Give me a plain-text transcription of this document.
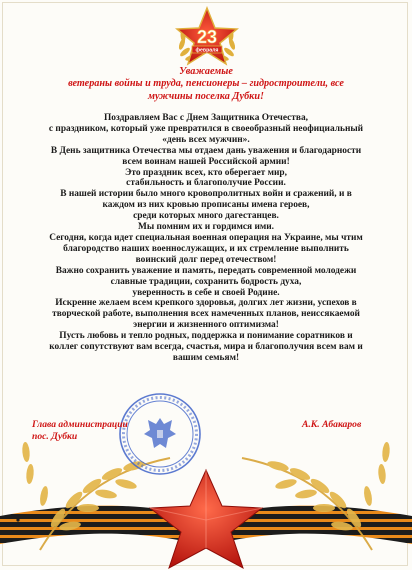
23
февраля
Уважаемые
ветераны войны и труда, пенсионеры – гидростроители, все
мужчины поселка Дубки!
Поздравляем Вас с Днем Защитника Отечества,
с праздником, который уже превратился в своеобразный неофициальный
«день всех мужчин».
В День защитника Отечества мы отдаем дань уважения и благодарности
всем воинам нашей Российской армии!
Это праздник всех, кто оберегает мир,
стабильность и благополучие России.
В нашей истории было много кровопролитных войн и сражений, и в
каждом из них кровью прописаны имена героев,
среди которых много дагестанцев.
Мы помним их и гордимся ими.
Сегодня, когда идет специальная военная операция на Украине, мы чтим
благородство наших военнослужащих, и их стремление выполнить
воинский долг перед отечеством!
Важно сохранить уважение и память, передать современной молодежи
славные традиции, сохранить бодрость духа,
уверенность в себе и своей Родине.
Искренне желаем всем крепкого здоровья, долгих лет жизни, успехов в
творческой работе, выполнения всех намеченных планов, неиссякаемой
энергии и жизненного оптимизма!
Пусть любовь и тепло родных, поддержка и понимание соратников и
коллег сопутствуют вам всегда, счастья, мира и благополучия всем вам и
вашим семьям!
Глава администрации
пос. Дубки
А.К. Абакаров
